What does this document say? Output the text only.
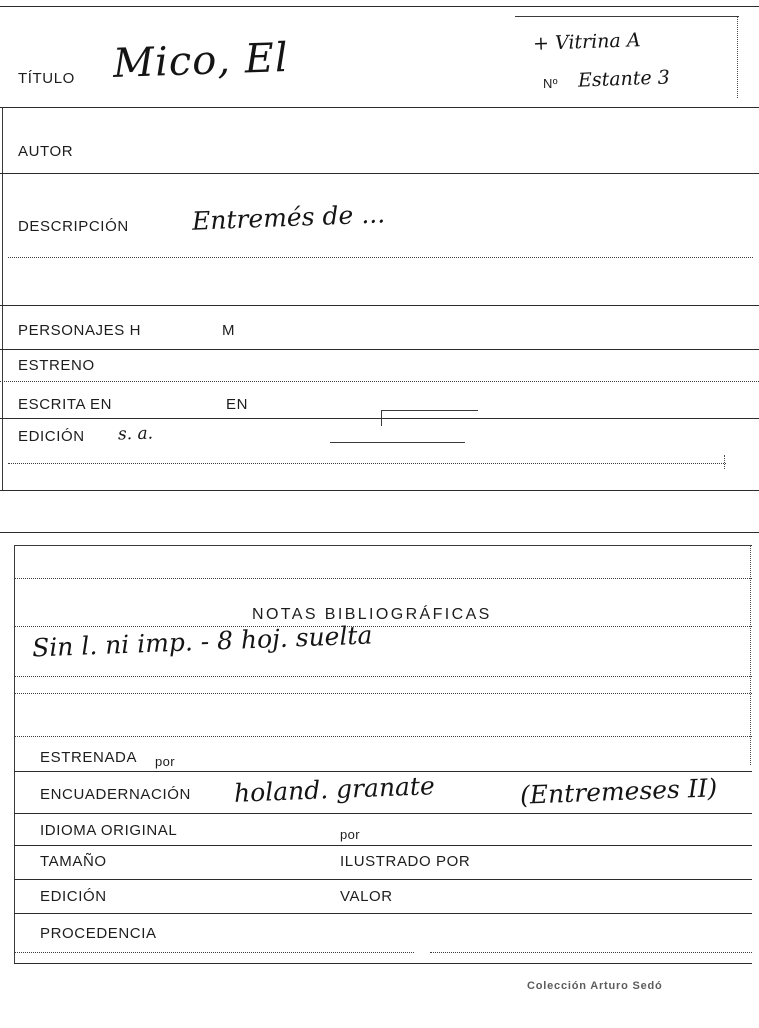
TÍTULO Mico, El	+ Vitrina A
Nº Estante 3
AUTOR
DESCRIPCIÓN	Entremés de ...
PERSONAJES H	M
ESTRENO
ESCRITA EN	EN
EDICIÓN s. a.
NOTAS BIBLIOGRÁFICAS
Sin l. ni imp. - 8 hoj. suelta
ESTRENADA por
ENCUADERNACIÓN holand. granate	(Entremeses II)
IDIOMA ORIGINAL	por
TAMAÑO	ILUSTRADO POR
EDICIÓN	VALOR
PROCEDENCIA
Colección Arturo Sedó
